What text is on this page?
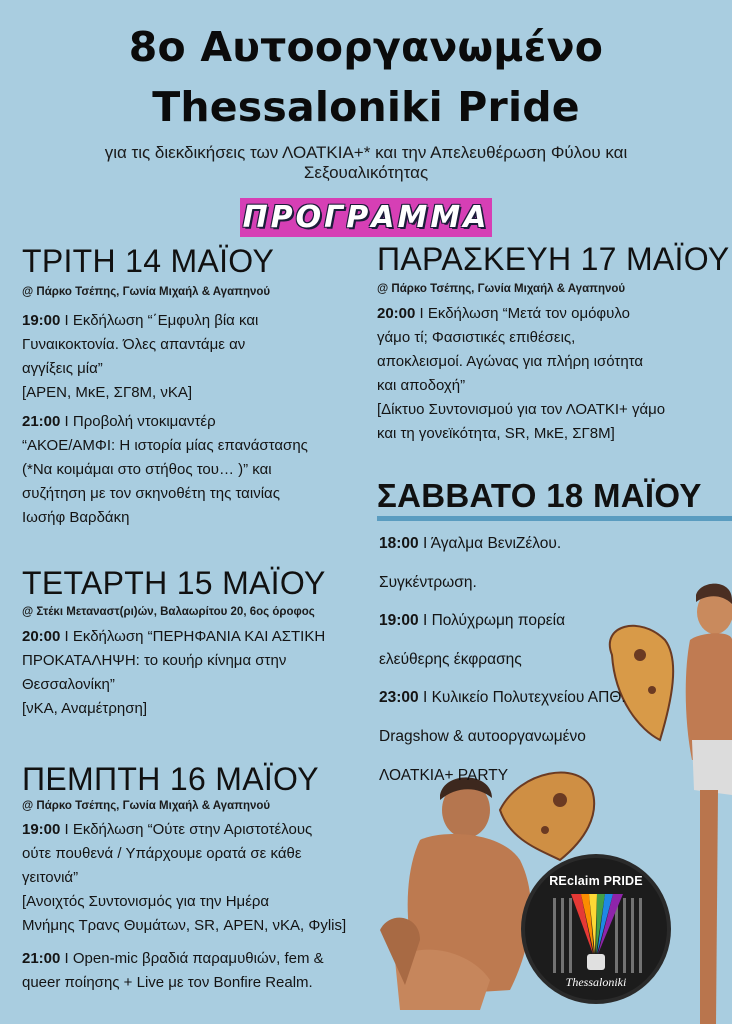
8ο Αυτοοργανωμένο
Thessaloniki Pride
για τις διεκδικήσεις των ΛΟΑΤΚΙΑ+* και την Απελευθέρωση Φύλου και
Σεξουαλικότητας
ΠΡΟΓΡΑΜΜΑ
ΤΡΙΤΗ 14 ΜΑΪΟΥ
@ Πάρκο Τσέπης, Γωνία Μιχαήλ & Αγαπηνού
19:00 Ι Εκδήλωση “΄Εμφυλη βία και
Γυναικοκτονία. Όλες απαντάμε αν
αγγίξεις μία”
[ΑΡΕΝ, ΜκΕ, ΣΓ8Μ, νΚΑ]
21:00 Ι Προβολή ντοκιμαντέρ
“ΑΚΟΕ/ΑΜΦΙ: Η ιστορία μίας επανάστασης
(*Να κοιμάμαι στο στήθος του… )” και
συζήτηση με τον σκηνοθέτη της ταινίας
Ιωσήφ Βαρδάκη
ΤΕΤΑΡΤΗ 15 ΜΑΪΟΥ
@ Στέκι Μεταναστ(ρι)ών, Βαλαωρίτου 20, 6ος όροφος
20:00 Ι Εκδήλωση “ΠΕΡΗΦΑΝΙΑ ΚΑΙ ΑΣΤΙΚΗ
ΠΡΟΚΑΤΑΛΗΨΗ: το κουήρ κίνημα στην
Θεσσαλονίκη”
[νΚΑ, Αναμέτρηση]
ΠΕΜΠΤΗ 16 ΜΑΪΟΥ
@ Πάρκο Τσέπης, Γωνία Μιχαήλ & Αγαπηνού
19:00 Ι Εκδήλωση “Ούτε στην Αριστοτέλους
ούτε πουθενά / Υπάρχουμε ορατά σε κάθε
γειτονιά”
[Ανοιχτός Συντονισμός για την Ημέρα
Μνήμης Τρανς Θυμάτων, SR, ΑΡΕΝ, νΚΑ, Φylis]
21:00 Ι Open-mic βραδιά παραμυθιών, fem &
queer ποίησης + Live με τον Bonfire Realm.
ΠΑΡΑΣΚΕΥΗ 17 ΜΑΪΟΥ
@ Πάρκο Τσέπης, Γωνία Μιχαήλ & Αγαπηνού
20:00 Ι Εκδήλωση “Μετά τον ομόφυλο
γάμο τί; Φασιστικές επιθέσεις,
αποκλεισμοί. Αγώνας για πλήρη ισότητα
και αποδοχή”
[Δίκτυο Συντονισμού για τον ΛΟΑΤΚΙ+ γάμο
και τη γονεϊκότητα, SR, ΜκΕ, ΣΓ8Μ]
ΣΑΒΒΑΤΟ 18 ΜΑΪΟΥ
18:00 Ι Άγαλμα ΒενιΖέλου.
Συγκέντρωση.
19:00 Ι Πολύχρωμη πορεία
ελεύθερης έκφρασης
23:00 Ι Κυλικείο Πολυτεχνείου ΑΠΘ.
Dragshow & αυτοοργανωμένο
ΛΟΑΤΚΙΑ+ PARTY
REclaim PRIDE
Thessaloniki
